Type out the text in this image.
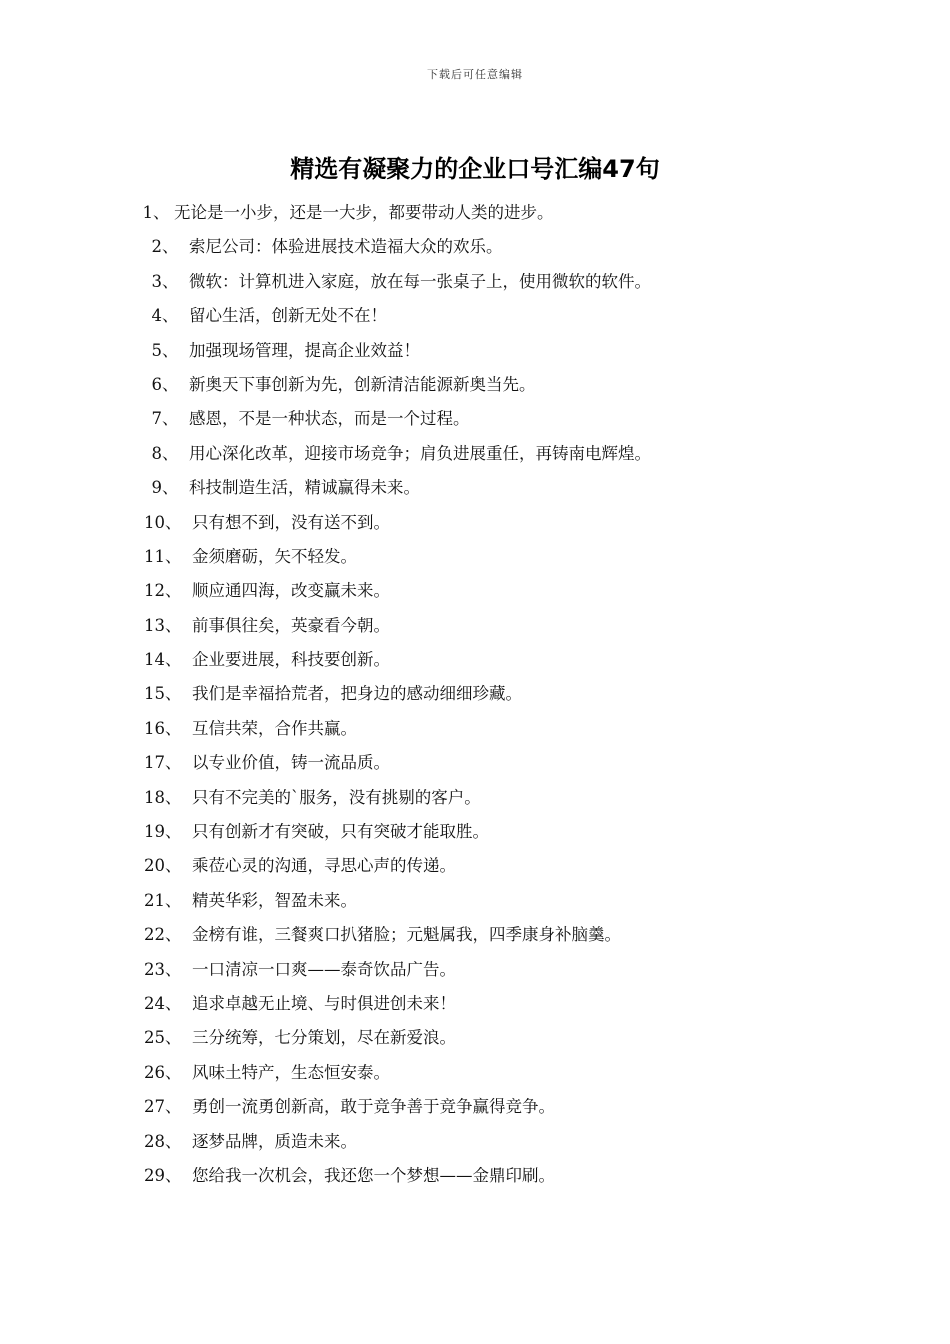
下载后可任意编辑
精选有凝聚力的企业口号汇编47句
1 、 无论是一小步，还是一大步，都要带动人类的进步。
2 、 索尼公司：体验进展技术造福大众的欢乐。
3 、 微软：计算机进入家庭，放在每一张桌子上，使用微软的软件。
4 、 留心生活，创新无处不在！
5 、 加强现场管理，提高企业效益！
6 、 新奥天下事创新为先，创新清洁能源新奥当先。
7 、 感恩，不是一种状态，而是一个过程。
8 、 用心深化改革，迎接市场竞争；肩负进展重任，再铸南电辉煌。
9 、 科技制造生活，精诚赢得未来。
10 、 只有想不到，没有送不到。
11 、 金须磨砺，矢不轻发。
12 、 顺应通四海，改变赢未来。
13 、 前事俱往矣，英豪看今朝。
14 、 企业要进展，科技要创新。
15 、 我们是幸福拾荒者，把身边的感动细细珍藏。
16 、 互信共荣，合作共赢。
17 、 以专业价值，铸一流品质。
18 、 只有不完美的`服务，没有挑剔的客户。
19 、 只有创新才有突破，只有突破才能取胜。
20 、 乘莅心灵的沟通，寻思心声的传递。
21 、 精英华彩，智盈未来。
22 、 金榜有谁，三餐爽口扒猪脸；元魁属我，四季康身补脑羹。
23 、 一口清凉一口爽——泰奇饮品广告。
24 、 追求卓越无止境、与时俱进创未来！
25 、 三分统筹，七分策划，尽在新爱浪。
26 、 风味土特产，生态恒安泰。
27 、 勇创一流勇创新高，敢于竞争善于竞争赢得竞争。
28 、 逐梦品牌，质造未来。
29 、 您给我一次机会，我还您一个梦想——金鼎印刷。
